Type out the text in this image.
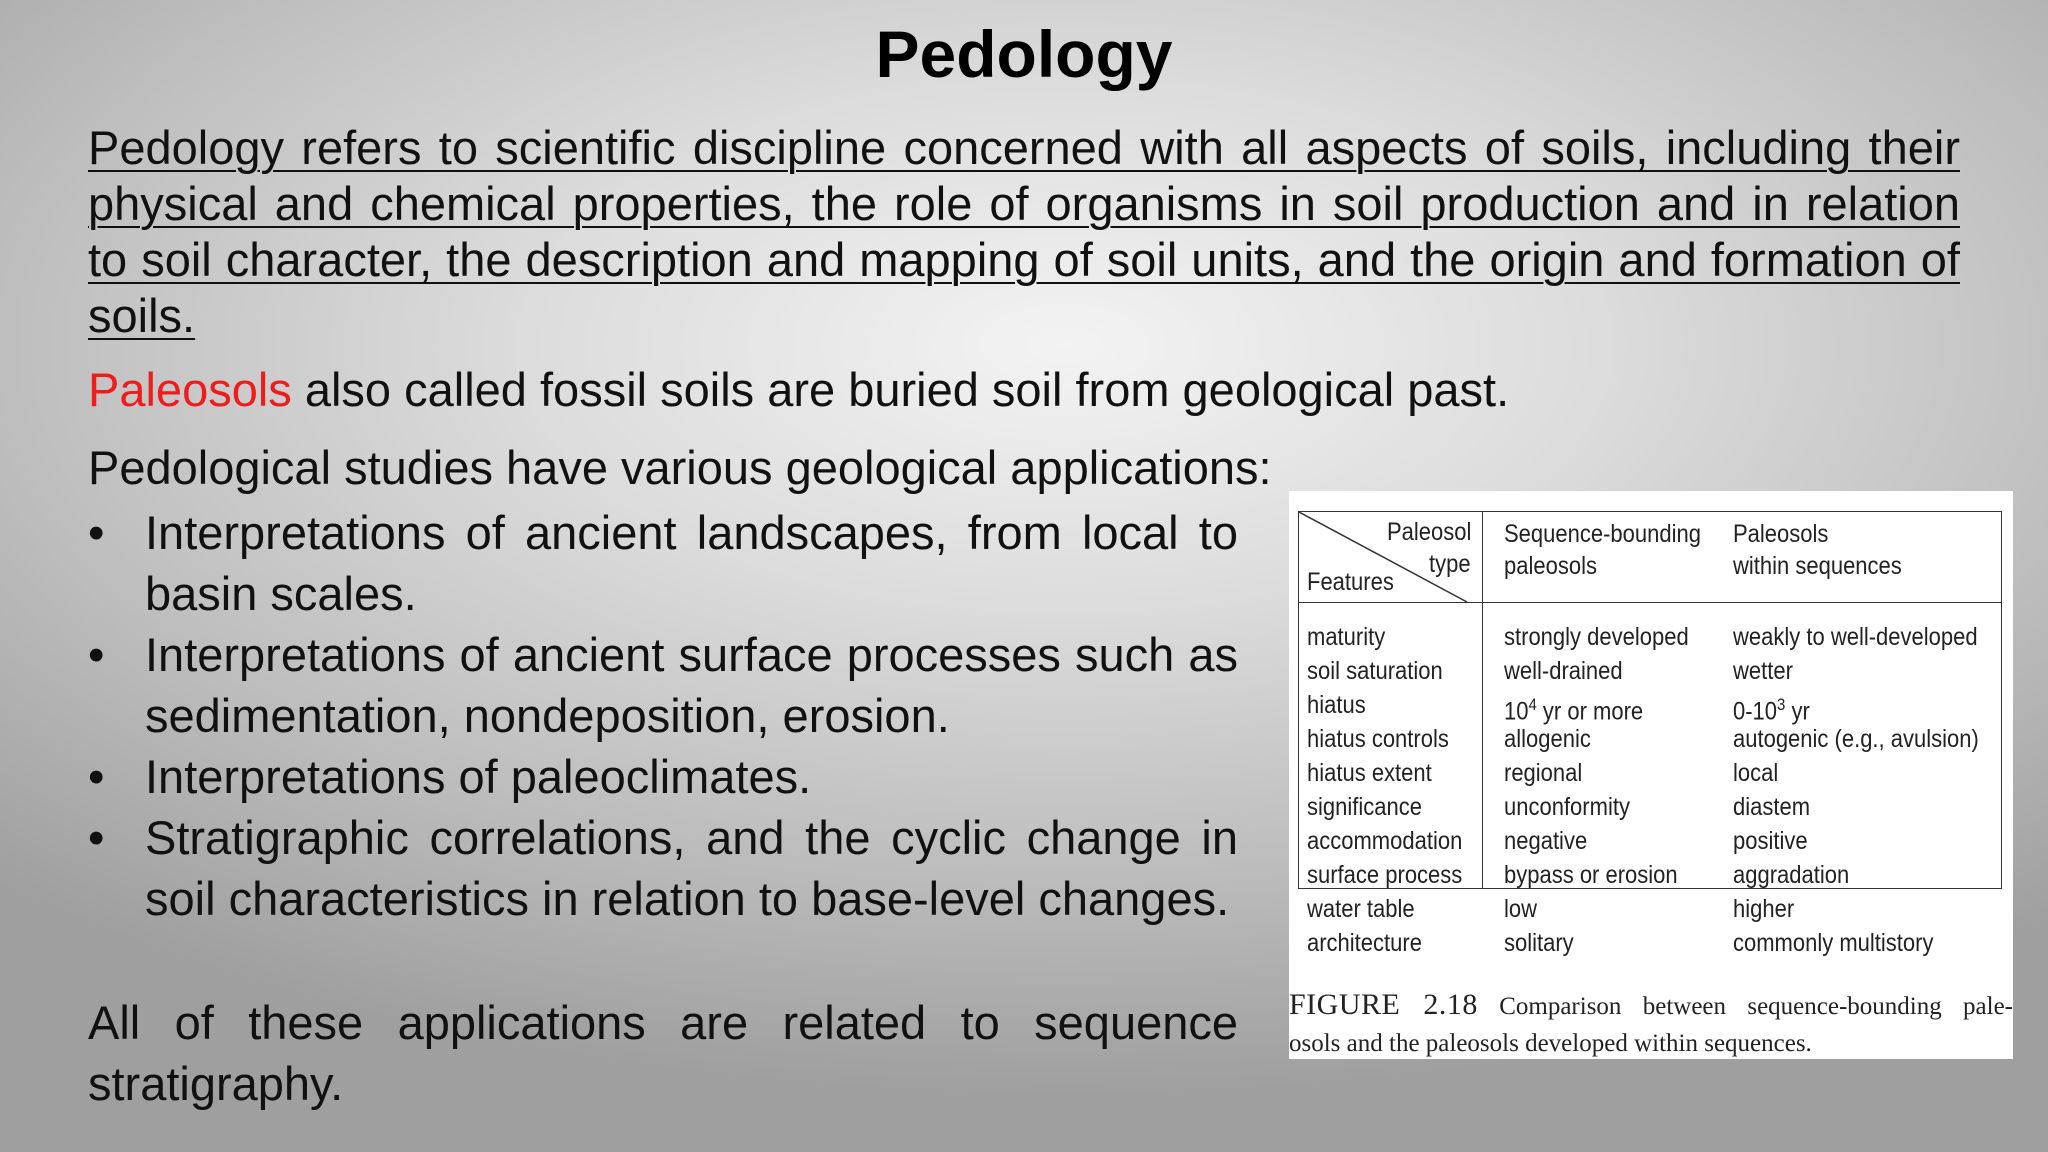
Pedology
Pedology refers to scientific discipline concerned with all aspects of soils, including their physical and chemical properties, the role of organisms in soil production and in relation to soil character, the description and mapping of soil units, and the origin and formation of soils.
Paleosols also called fossil soils are buried soil from geological past.
Pedological studies have various geological applications:
• Interpretations of ancient landscapes, from local to basin scales.
• Interpretations of ancient surface processes such as sedimentation, nondeposition, erosion.
• Interpretations of paleoclimates.
• Stratigraphic correlations, and the cyclic change in soil characteristics in relation to base-level changes.
All of these applications are related to sequence stratigraphy.
Paleosol
type
Features
Sequence-bounding
paleosols
Paleosols
within sequences
maturity
soil saturation
hiatus
hiatus controls
hiatus extent
significance
accommodation
surface process
water table
architecture
strongly developed
well-drained
$10^4$ yr or more
allogenic
regional
unconformity
negative
bypass or erosion
low
solitary
weakly to well-developed
wetter
$0-10^3$ yr
autogenic (e.g., avulsion)
local
diastem
positive
aggradation
higher
commonly multistory
FIGURE 2.18 Comparison between sequence-bounding pale-
osols and the paleosols developed within sequences.
